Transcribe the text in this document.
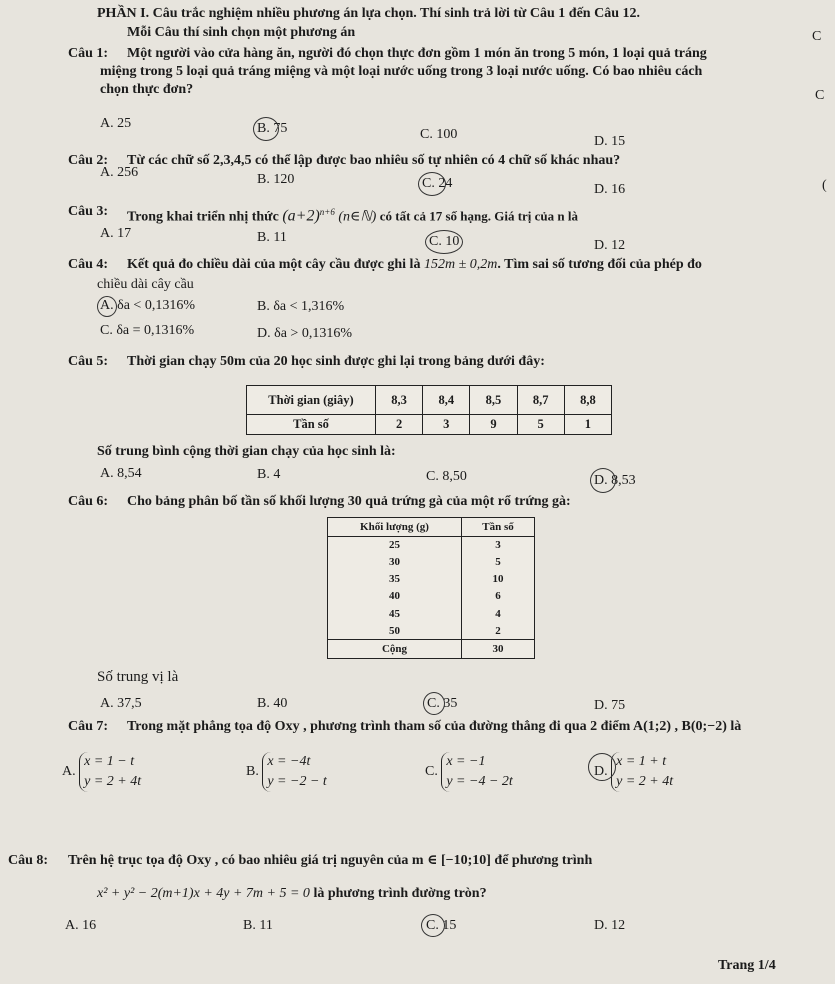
PHẦN I. Câu trắc nghiệm nhiều phương án lựa chọn. Thí sinh trả lời từ Câu 1 đến Câu 12.
Mỗi Câu thí sinh chọn một phương án	C
C
(
Câu 1: Một người vào cửa hàng ăn, người đó chọn thực đơn gồm 1 món ăn trong 5 món, 1 loại quả tráng
miệng trong 5 loại quả tráng miệng và một loại nước uống trong 3 loại nước uống. Có bao nhiêu cách
chọn thực đơn?
A. 25	B. 75	C. 100	D. 15
Câu 2: Từ các chữ số 2,3,4,5 có thể lập được bao nhiêu số tự nhiên có 4 chữ số khác nhau?
A. 256	B. 120	C. 24	D. 16
Câu 3: Trong khai triển nhị thức $(a+2)^{n+6}$ (n∈ℕ) có tất cả 17 số hạng. Giá trị của n là
A. 17	B. 11	C. 10	D. 12
Câu 4: Kết quả đo chiều dài của một cây cầu được ghi là 152m ± 0,2m. Tìm sai số tương đối của phép đo
chiều dài cây cầu
A. δa < 0,1316%	B. δa < 1,316%
C. δa = 0,1316%	D. δa > 0,1316%
Câu 5: Thời gian chạy 50m của 20 học sinh được ghi lại trong bảng dưới đây:
Thời gian (giây)	8,3	8,4	8,5	8,7	8,8
Tần số	2	3	9	5	1
Số trung bình cộng thời gian chạy của học sinh là:
A. 8,54	B. 4	C. 8,50	D. 8,53
Câu 6: Cho bảng phân bố tần số khối lượng 30 quả trứng gà của một rổ trứng gà:
Khối lượng (g)	Tần số
25	3
30	5
35	10
40	6
45	4
50	2
Cộng	30
Số trung vị là
A. 37,5	B. 40	C. 35	D. 75
Câu 7: Trong mặt phẳng tọa độ Oxy , phương trình tham số của đường thẳng đi qua 2 điểm A(1;2) , B(0;−2) là
A. x = 1 − t
y = 2 + 4t
B. x = −4t
y = −2 − t
C. x = −1
y = −4 − 2t
D. x = 1 + t
y = 2 + 4t
Câu 8: Trên hệ trục tọa độ Oxy , có bao nhiêu giá trị nguyên của m ∈ [−10;10] để phương trình
x² + y² − 2(m+1)x + 4y + 7m + 5 = 0 là phương trình đường tròn?
A. 16	B. 11	C. 15	D. 12
Trang 1/4
